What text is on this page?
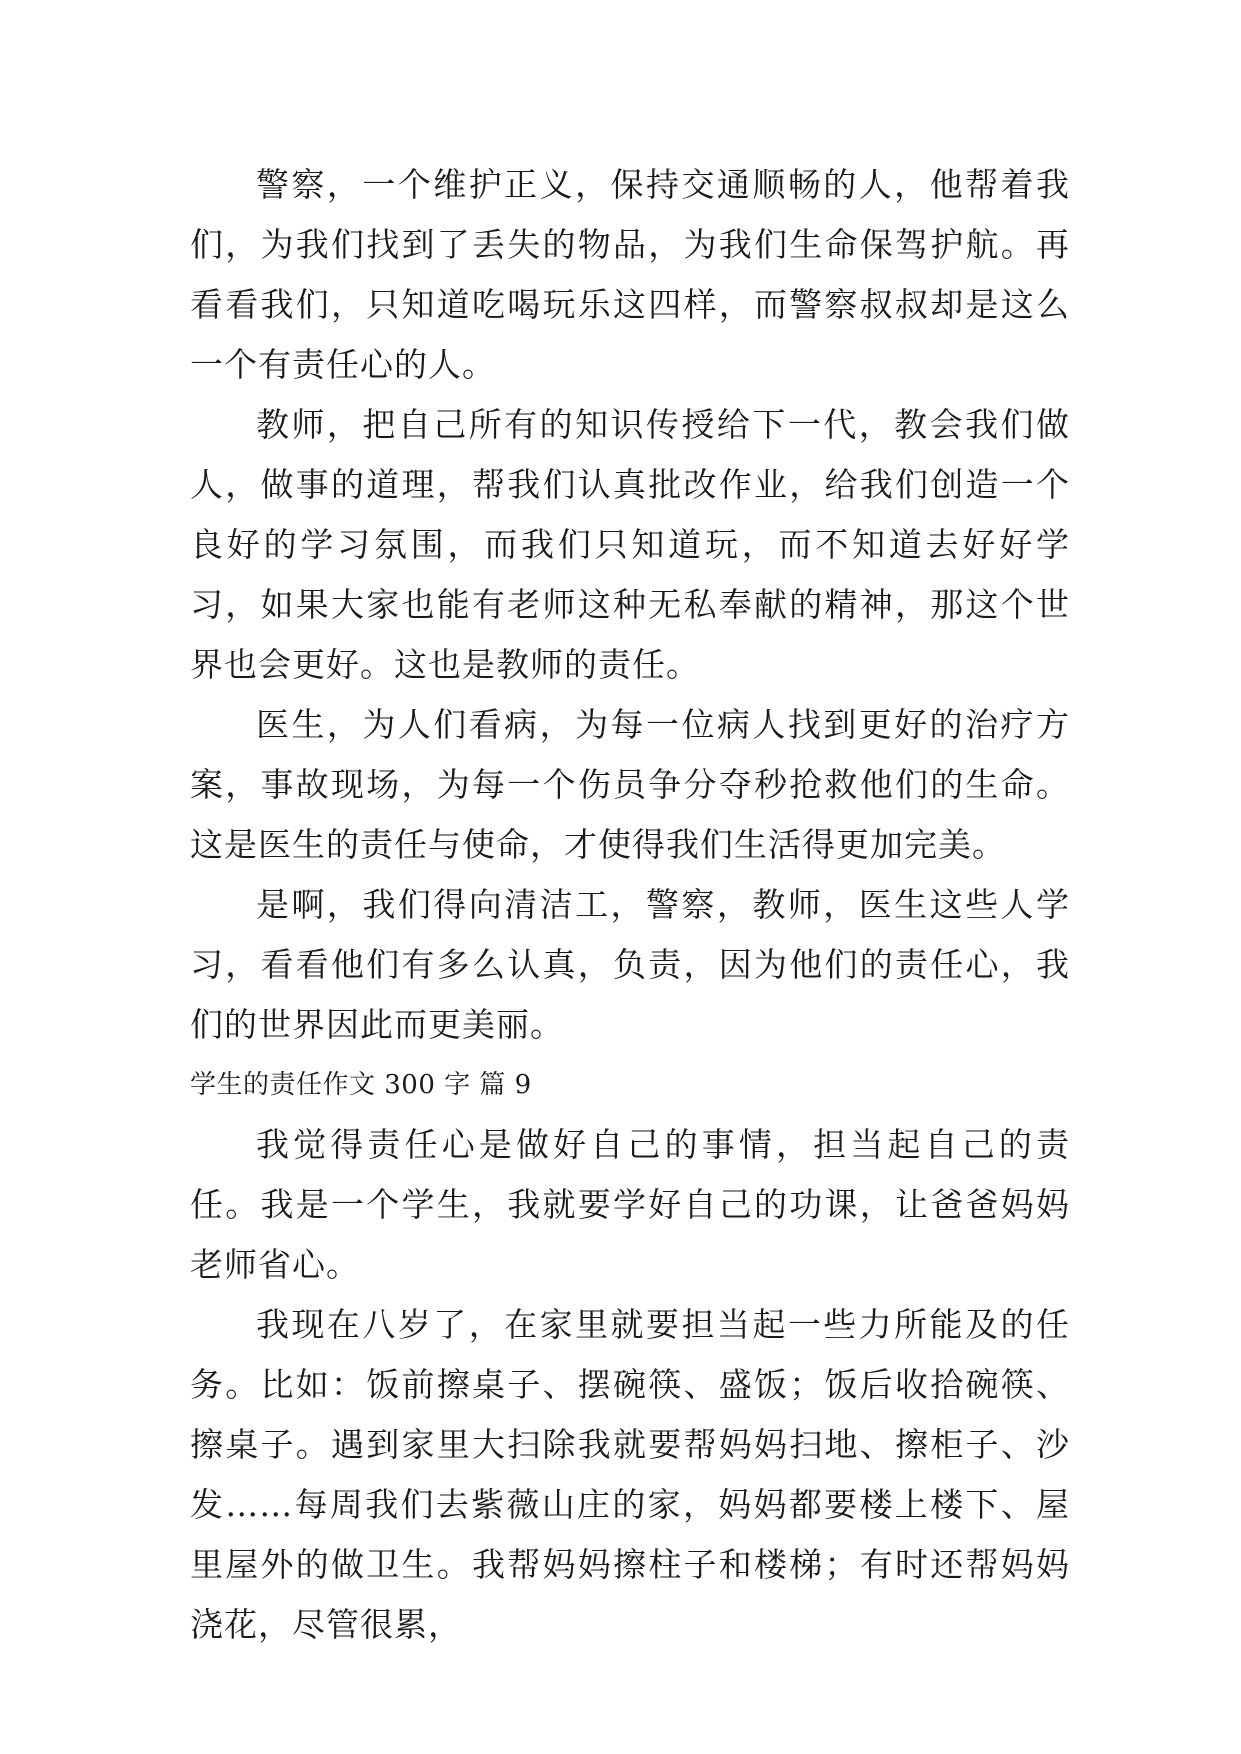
警察，一个维护正义，保持交通顺畅的人，他帮着我们，为我们找到了丢失的物品，为我们生命保驾护航。再看看我们，只知道吃喝玩乐这四样，而警察叔叔却是这么一个有责任心的人。

教师，把自己所有的知识传授给下一代，教会我们做人，做事的道理，帮我们认真批改作业，给我们创造一个良好的学习氛围，而我们只知道玩，而不知道去好好学习，如果大家也能有老师这种无私奉献的精神，那这个世界也会更好。这也是教师的责任。

医生，为人们看病，为每一位病人找到更好的治疗方案，事故现场，为每一个伤员争分夺秒抢救他们的生命。这是医生的责任与使命，才使得我们生活得更加完美。

是啊，我们得向清洁工，警察，教师，医生这些人学习，看看他们有多么认真，负责，因为他们的责任心，我们的世界因此而更美丽。

学生的责任作文 300 字 篇 9

我觉得责任心是做好自己的事情，担当起自己的责任。我是一个学生，我就要学好自己的功课，让爸爸妈妈老师省心。

我现在八岁了，在家里就要担当起一些力所能及的任务。比如：饭前擦桌子、摆碗筷、盛饭；饭后收拾碗筷、擦桌子。遇到家里大扫除我就要帮妈妈扫地、擦柜子、沙发……每周我们去紫薇山庄的家，妈妈都要楼上楼下、屋里屋外的做卫生。我帮妈妈擦柱子和楼梯；有时还帮妈妈浇花，尽管很累，
